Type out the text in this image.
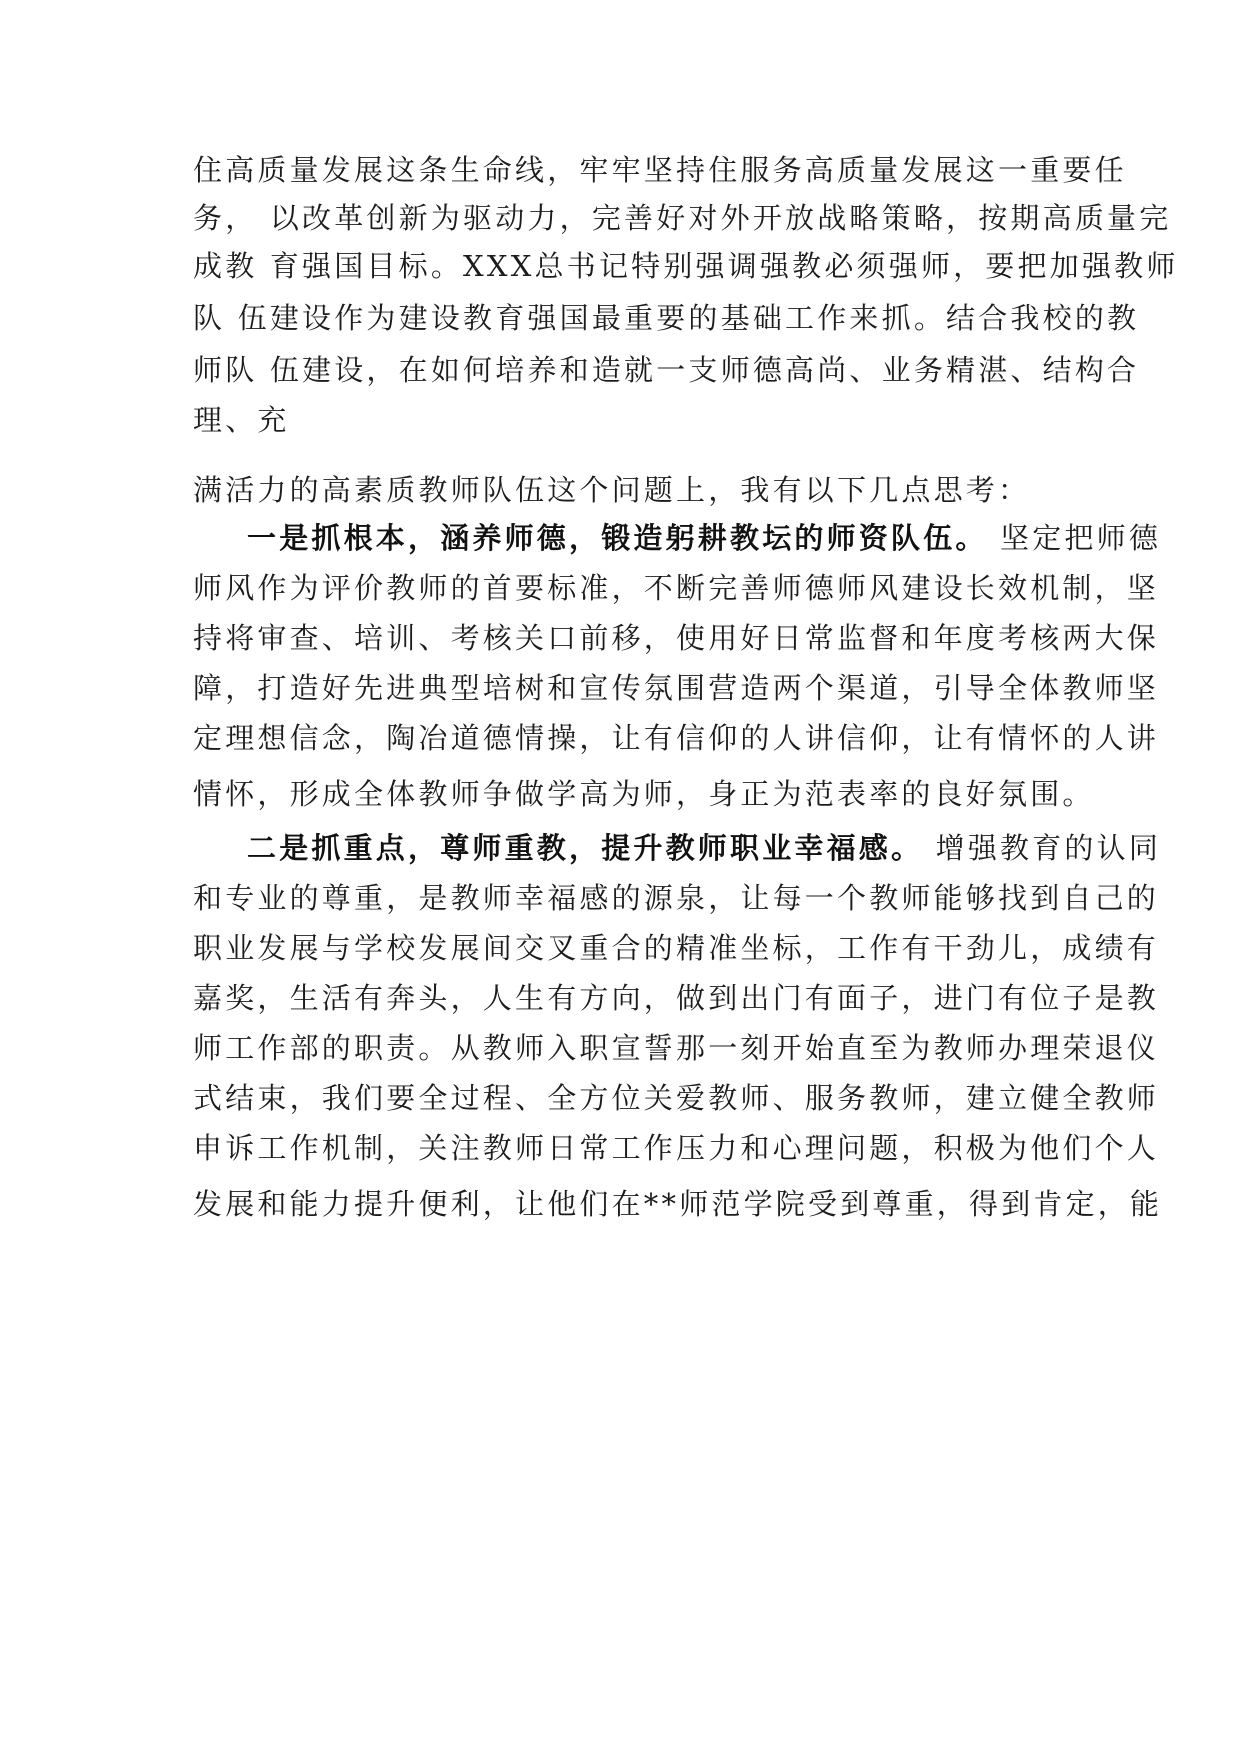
住高质量发展这条生命线，牢牢坚持住服务高质量发展这一重要任
务， 以改革创新为驱动力，完善好对外开放战略策略，按期高质量完
成教 育强国目标。XXX总书记特别强调强教必须强师，要把加强教师
队 伍建设作为建设教育强国最重要的基础工作来抓。结合我校的教
师队 伍建设，在如何培养和造就一支师德高尚、业务精湛、结构合
理、充
满活力的高素质教师队伍这个问题上，我有以下几点思考：
一是抓根本，涵养师德，锻造躬耕教坛的师资队伍。 坚定把师德
师风作为评价教师的首要标准，不断完善师德师风建设长效机制，坚
持将审查、培训、考核关口前移，使用好日常监督和年度考核两大保
障，打造好先进典型培树和宣传氛围营造两个渠道，引导全体教师坚
定理想信念，陶冶道德情操，让有信仰的人讲信仰，让有情怀的人讲
情怀，形成全体教师争做学高为师，身正为范表率的良好氛围。
二是抓重点，尊师重教，提升教师职业幸福感。 增强教育的认同
和专业的尊重，是教师幸福感的源泉，让每一个教师能够找到自己的
职业发展与学校发展间交叉重合的精准坐标，工作有干劲儿，成绩有
嘉奖，生活有奔头，人生有方向，做到出门有面子，进门有位子是教
师工作部的职责。从教师入职宣誓那一刻开始直至为教师办理荣退仪
式结束，我们要全过程、全方位关爱教师、服务教师，建立健全教师
申诉工作机制，关注教师日常工作压力和心理问题，积极为他们个人
发展和能力提升便利，让他们在**师范学院受到尊重，得到肯定，能
